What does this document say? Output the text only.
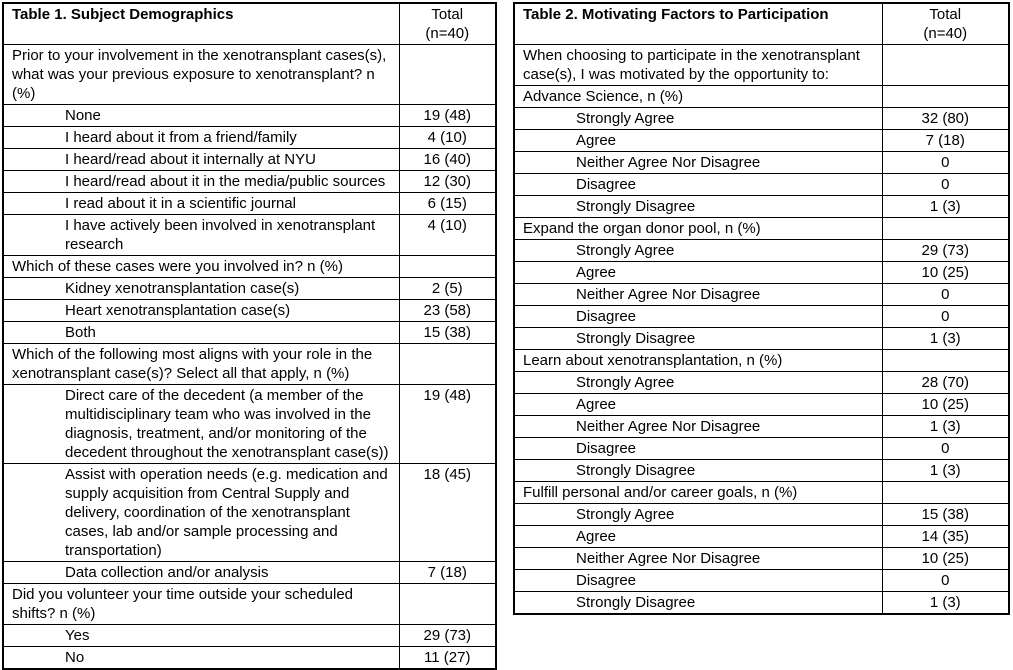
Table 1. Subject Demographics	Total
(n=40)

Prior to your involvement in the xenotransplant cases(s), what was your previous exposure to xenotransplant? n (%)	
None	19 (48)
I heard about it from a friend/family	4 (10)
I heard/read about it internally at NYU	16 (40)
I heard/read about it in the media/public sources	12 (30)
I read about it in a scientific journal	6 (15)
I have actively been involved in xenotransplant research	4 (10)
Which of these cases were you involved in? n (%)	
Kidney xenotransplantation case(s)	2 (5)
Heart xenotransplantation case(s)	23 (58)
Both	15 (38)
Which of the following most aligns with your role in the xenotransplant case(s)? Select all that apply, n (%)	
Direct care of the decedent (a member of the multidisciplinary team who was involved in the diagnosis, treatment, and/or monitoring of the decedent throughout the xenotransplant case(s))	19 (48)
Assist with operation needs (e.g. medication and supply acquisition from Central Supply and delivery, coordination of the xenotransplant cases, lab and/or sample processing and transportation)	18 (45)
Data collection and/or analysis	7 (18)
Did you volunteer your time outside your scheduled shifts? n (%)	
Yes	29 (73)
No	11 (27)
Table 2. Motivating Factors to Participation	Total
(n=40)

When choosing to participate in the xenotransplant case(s), I was motivated by the opportunity to:	
Advance Science, n (%)	
Strongly Agree	32 (80)
Agree	7 (18)
Neither Agree Nor Disagree	0
Disagree	0
Strongly Disagree	1 (3)
Expand the organ donor pool, n (%)	
Strongly Agree	29 (73)
Agree	10 (25)
Neither Agree Nor Disagree	0
Disagree	0
Strongly Disagree	1 (3)
Learn about xenotransplantation, n (%)	
Strongly Agree	28 (70)
Agree	10 (25)
Neither Agree Nor Disagree	1 (3)
Disagree	0
Strongly Disagree	1 (3)
Fulfill personal and/or career goals, n (%)	
Strongly Agree	15 (38)
Agree	14 (35)
Neither Agree Nor Disagree	10 (25)
Disagree	0
Strongly Disagree	1 (3)
